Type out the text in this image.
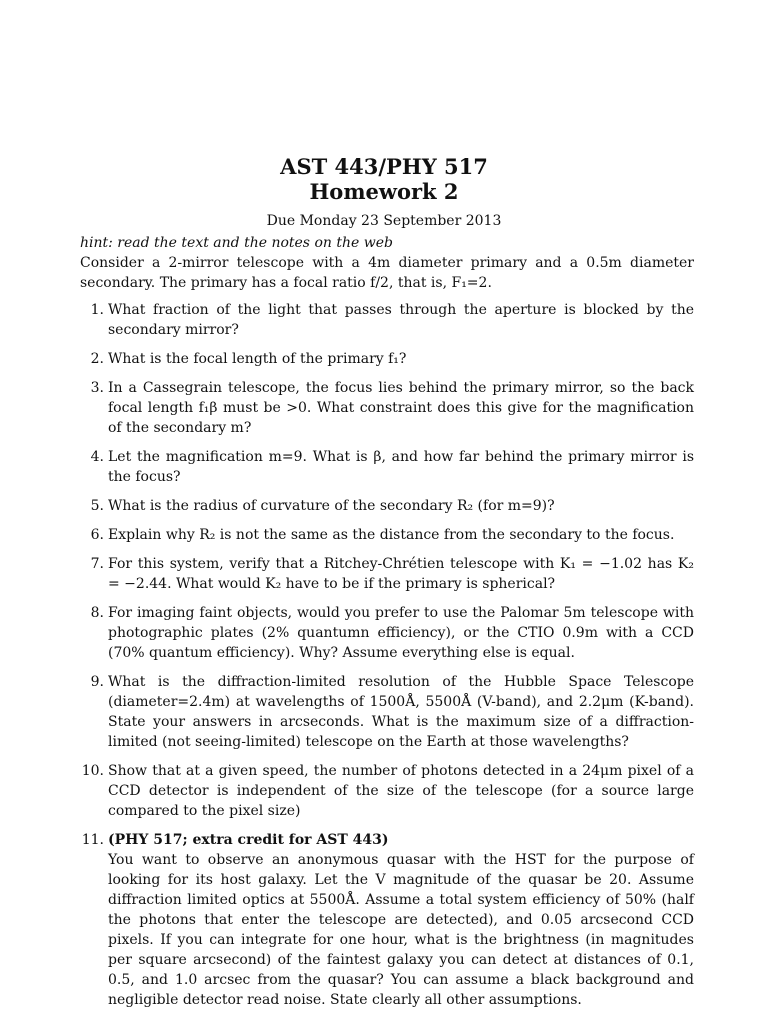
AST 443/PHY 517
Homework 2
Due Monday 23 September 2013
hint: read the text and the notes on the web
Consider a 2-mirror telescope with a 4m diameter primary and a 0.5m diameter secondary. The primary has a focal ratio f/2, that is, F₁=2.
1. What fraction of the light that passes through the aperture is blocked by the secondary mirror?
2. What is the focal length of the primary f₁?
3. In a Cassegrain telescope, the focus lies behind the primary mirror, so the back focal length f₁β must be >0. What constraint does this give for the magnification of the secondary m?
4. Let the magnification m=9. What is β, and how far behind the primary mirror is the focus?
5. What is the radius of curvature of the secondary R₂ (for m=9)?
6. Explain why R₂ is not the same as the distance from the secondary to the focus.
7. For this system, verify that a Ritchey-Chrétien telescope with K₁ = −1.02 has K₂ = −2.44. What would K₂ have to be if the primary is spherical?
8. For imaging faint objects, would you prefer to use the Palomar 5m telescope with photographic plates (2% quantumn efficiency), or the CTIO 0.9m with a CCD (70% quantum efficiency). Why? Assume everything else is equal.
9. What is the diffraction-limited resolution of the Hubble Space Telescope (diameter=2.4m) at wavelengths of 1500Å, 5500Å (V-band), and 2.2μm (K-band). State your answers in arcseconds. What is the maximum size of a diffraction-limited (not seeing-limited) telescope on the Earth at those wavelengths?
10. Show that at a given speed, the number of photons detected in a 24μm pixel of a CCD detector is independent of the size of the telescope (for a source large compared to the pixel size)
11. (PHY 517; extra credit for AST 443)
You want to observe an anonymous quasar with the HST for the purpose of looking for its host galaxy. Let the V magnitude of the quasar be 20. Assume diffraction limited optics at 5500Å. Assume a total system efficiency of 50% (half the photons that enter the telescope are detected), and 0.05 arcsecond CCD pixels. If you can integrate for one hour, what is the brightness (in magnitudes per square arcsecond) of the faintest galaxy you can detect at distances of 0.1, 0.5, and 1.0 arcsec from the quasar? You can assume a black background and negligible detector read noise. State clearly all other assumptions.
